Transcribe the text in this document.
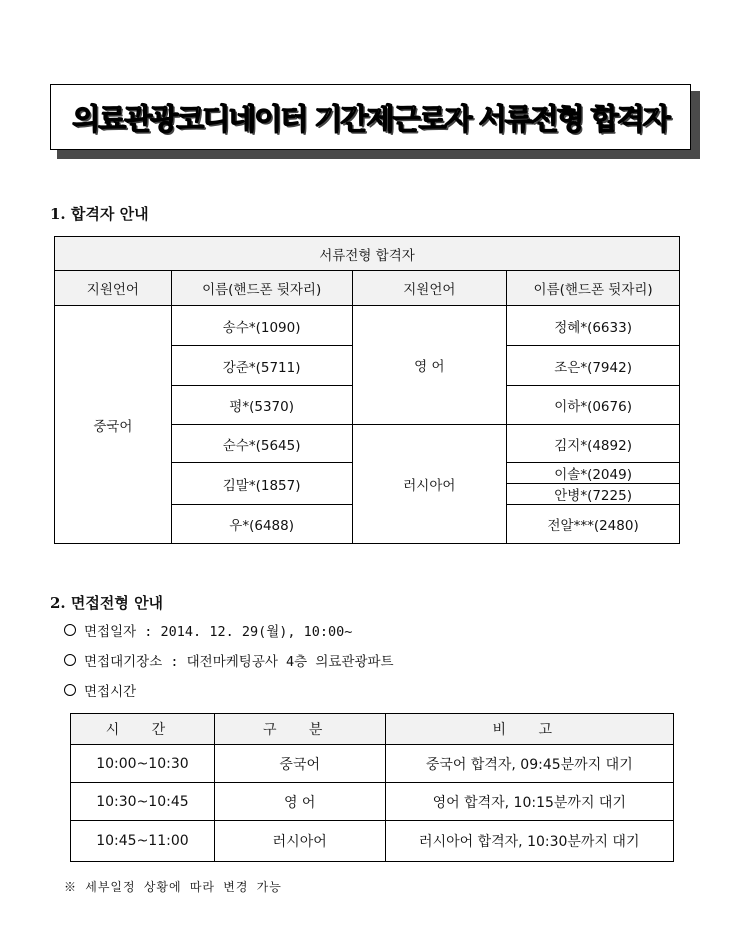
의료관광코디네이터 기간제근로자 서류전형 합격자
1. 합격자 안내
서류전형 합격자			
지원언어	이름(핸드폰 뒷자리)	지원언어	이름(핸드폰 뒷자리)
중국어	송수*(1090)	영 어	정혜*(6633)

	강준*(5711)		조은*(7942)

	평*(5370)		이하*(0676)

	순수*(5645)	러시아어	김지*(4892)

	김말*(1857)		이솔*(2049)
			안병*(7225)
	우*(6488)		전알***(2480)

2. 면접전형 안내
면접일자 : 2014. 12. 29(월), 10:00~
면접대기장소 : 대전마케팅공사 4층 의료관광파트
면접시간
시 간	구 분	비 고
10:00~10:30	중국어	중국어 합격자, 09:45분까지 대기
10:30~10:45	영 어	영어 합격자, 10:15분까지 대기
10:45~11:00	러시아어	러시아어 합격자, 10:30분까지 대기
※ 세부일정 상황에 따라 변경 가능
